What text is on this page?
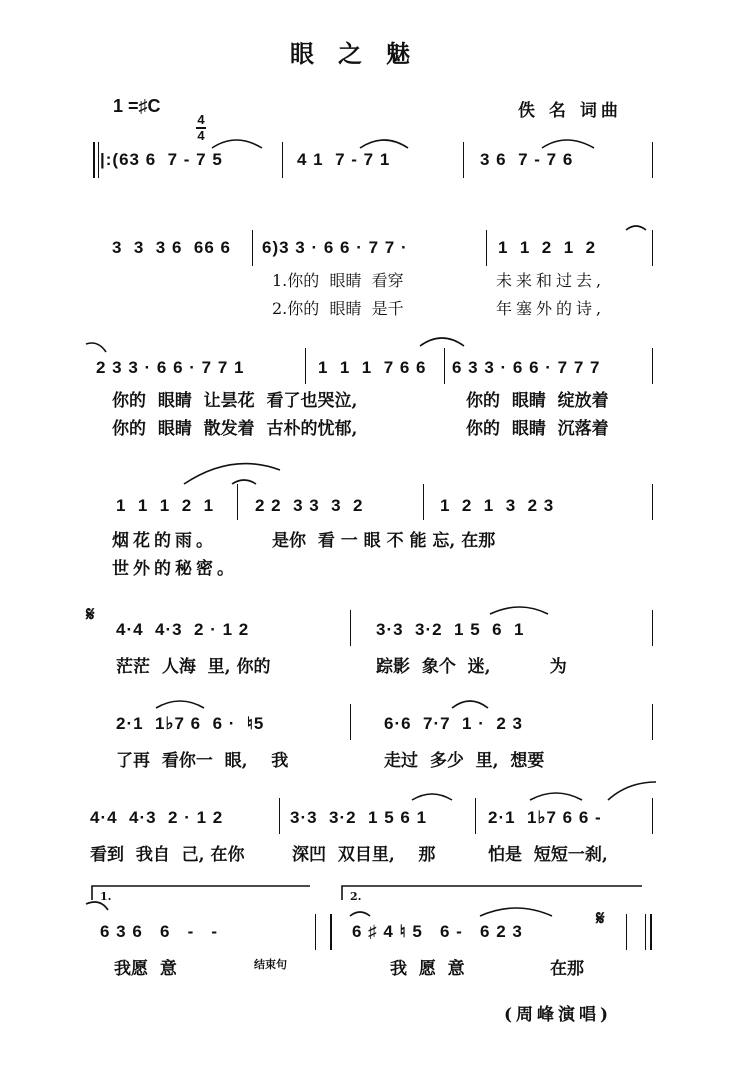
眼之魅
1 =♯C

4
4

佚 名 词曲
|:(63 6  7 - 7 5	4 1  7 - 7 1	3 6  7 - 7 6
3  3  3 6  66 6 6)3 3 · 6 6 · 7 7 ·	1  1  2  1  2
1.你的  眼睛  看穿	未来和过去,
2.你的  眼睛  是千	年塞外的诗,
2 3 3 · 6 6 · 7 7 1	1  1  1  7 6 6 6 3 3 · 6 6 · 7 7 7
你的  眼睛  让昙花  看了也哭泣,	你的  眼睛  绽放着
你的  眼睛  散发着  古朴的忧郁,	你的  眼睛  沉落着
1  1  1  2  1 2 2  3 3  3  2	1  2  1  3  2 3
烟花的雨。	是你  看 一 眼 不 能 忘, 在那
世外的秘密。
𝄋
4·4  4·3  2 · 1 2	3·3  3·2  1 5  6  1
茫茫  人海  里, 你的	踪影  象个  迷,          为
2·1  1♭7 6  6 ·  ♮5	6·6  7·7  1 ·  2 3
了再  看你一  眼,    我	走过  多少  里,  想要
4·4  4·3  2 · 1 2	3·3  3·2  1 5 6 1	2·1  1♭7 6 6 -
看到  我自  己, 在你	深凹  双目里,    那	怕是  短短一刹,
1.	2.
6 3 6   6   -   -	6 ♯ 4 ♮ 5   6 -   6 2 3
𝄋
我愿  意	结束句	我  愿  意	在那
(周峰演唱)
